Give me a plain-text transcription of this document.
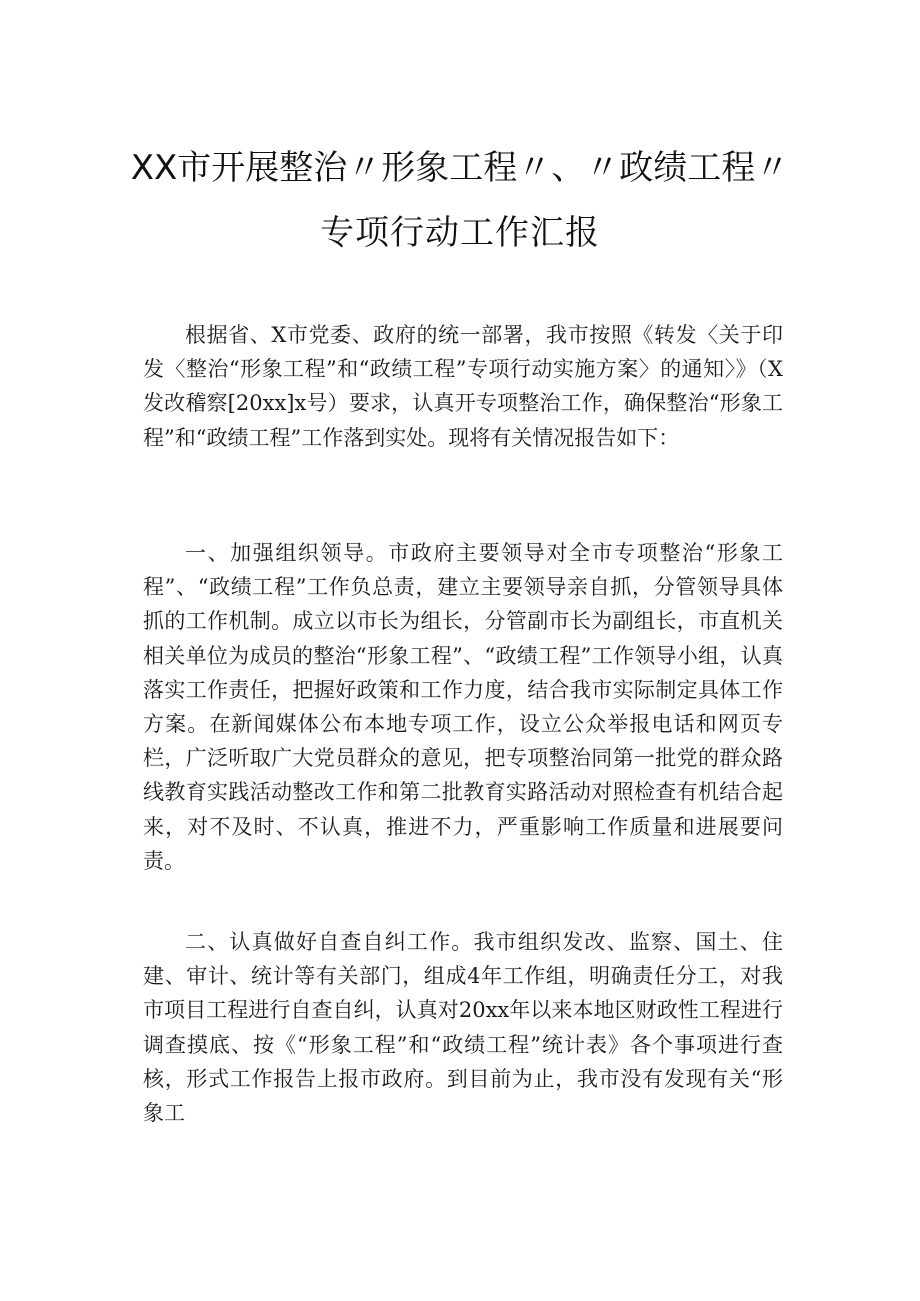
XX市开展整治〃形象工程〃、〃政绩工程〃
专项行动工作汇报

根据省、X市党委、政府的统一部署，我市按照《转发〈关于印发〈整治“形象工程”和“政绩工程”专项行动实施方案〉的通知〉》（X发改稽察[20xx]x号）要求，认真开专项整治工作，确保整治“形象工程”和“政绩工程”工作落到实处。现将有关情况报告如下：

一、加强组织领导。市政府主要领导对全市专项整治“形象工程”、“政绩工程”工作负总责，建立主要领导亲自抓，分管领导具体抓的工作机制。成立以市长为组长，分管副市长为副组长，市直机关相关单位为成员的整治“形象工程”、“政绩工程”工作领导小组，认真落实工作责任，把握好政策和工作力度，结合我市实际制定具体工作方案。在新闻媒体公布本地专项工作，设立公众举报电话和网页专栏，广泛听取广大党员群众的意见，把专项整治同第一批党的群众路线教育实践活动整改工作和第二批教育实路活动对照检查有机结合起来，对不及时、不认真，推进不力，严重影响工作质量和进展要问责。

二、认真做好自查自纠工作。我市组织发改、监察、国土、住建、审计、统计等有关部门，组成4年工作组，明确责任分工，对我市项目工程进行自查自纠，认真对20xx年以来本地区财政性工程进行调查摸底、按《“形象工程”和“政绩工程”统计表》各个事项进行查核，形式工作报告上报市政府。到目前为止，我市没有发现有关“形象工
